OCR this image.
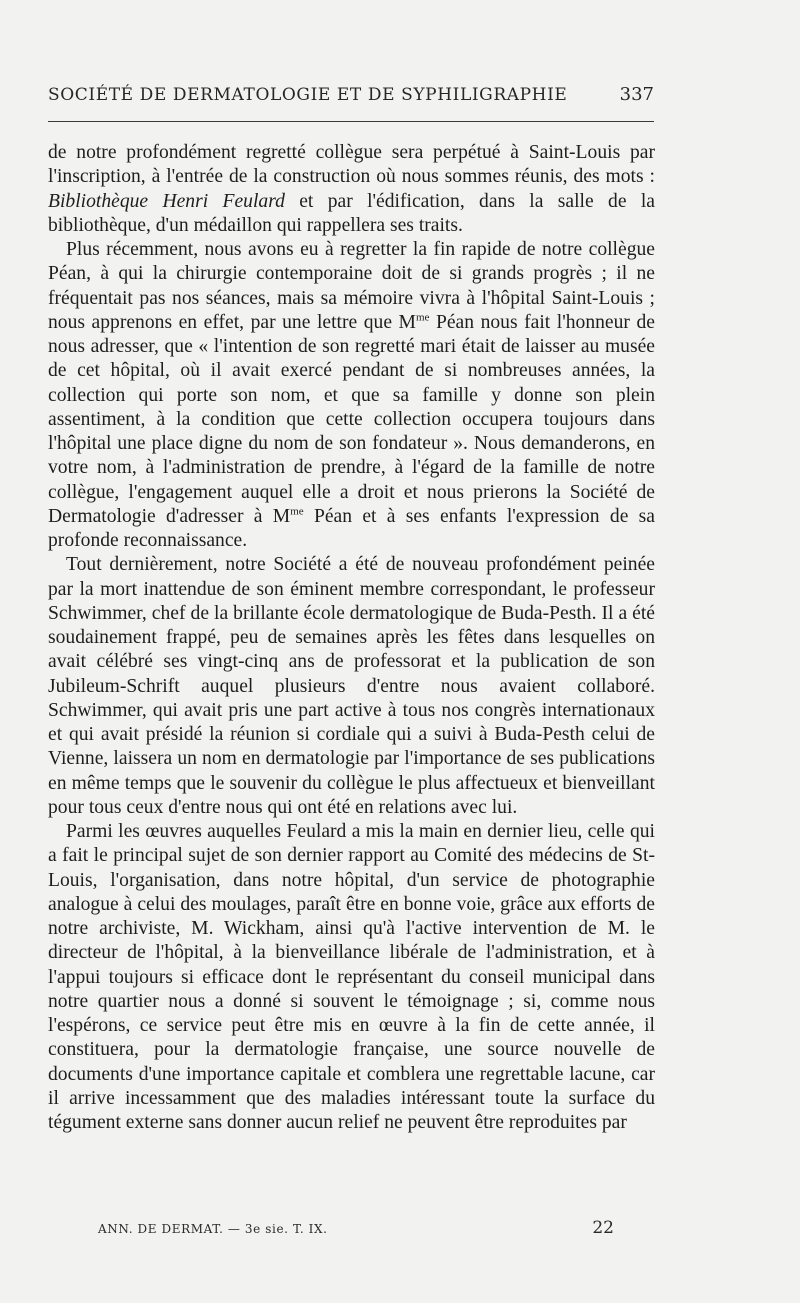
SOCIÉTÉ DE DERMATOLOGIE ET DE SYPHILIGRAPHIE	337

de notre profondément regretté collègue sera perpétué à Saint-Louis par l'inscription, à l'entrée de la construction où nous sommes réunis, des mots : Bibliothèque Henri Feulard et par l'édification, dans la salle de la bibliothèque, d'un médaillon qui rappellera ses traits.

Plus récemment, nous avons eu à regretter la fin rapide de notre collègue Péan, à qui la chirurgie contemporaine doit de si grands progrès ; il ne fréquentait pas nos séances, mais sa mémoire vivra à l'hôpital Saint-Louis ; nous apprenons en effet, par une lettre que $M^{me}$ Péan nous fait l'honneur de nous adresser, que « l'intention de son regretté mari était de laisser au musée de cet hôpital, où il avait exercé pendant de si nombreuses années, la collection qui porte son nom, et que sa famille y donne son plein assentiment, à la condition que cette collection occupera toujours dans l'hôpital une place digne du nom de son fondateur ». Nous demanderons, en votre nom, à l'administration de prendre, à l'égard de la famille de notre collègue, l'engagement auquel elle a droit et nous prierons la Société de Dermatologie d'adresser à $M^{me}$ Péan et à ses enfants l'expression de sa profonde reconnaissance.

Tout dernièrement, notre Société a été de nouveau profondément peinée par la mort inattendue de son éminent membre correspondant, le professeur Schwimmer, chef de la brillante école dermatologique de Buda-Pesth. Il a été soudainement frappé, peu de semaines après les fêtes dans lesquelles on avait célébré ses vingt-cinq ans de professorat et la publication de son Jubileum-Schrift auquel plusieurs d'entre nous avaient collaboré. Schwimmer, qui avait pris une part active à tous nos congrès internationaux et qui avait présidé la réunion si cordiale qui a suivi à Buda-Pesth celui de Vienne, laissera un nom en dermatologie par l'importance de ses publications en même temps que le souvenir du collègue le plus affectueux et bienveillant pour tous ceux d'entre nous qui ont été en relations avec lui.

Parmi les œuvres auquelles Feulard a mis la main en dernier lieu, celle qui a fait le principal sujet de son dernier rapport au Comité des médecins de St-Louis, l'organisation, dans notre hôpital, d'un service de photographie analogue à celui des moulages, paraît être en bonne voie, grâce aux efforts de notre archiviste, M. Wickham, ainsi qu'à l'active intervention de M. le directeur de l'hôpital, à la bienveillance libérale de l'administration, et à l'appui toujours si efficace dont le représentant du conseil municipal dans notre quartier nous a donné si souvent le témoignage ; si, comme nous l'espérons, ce service peut être mis en œuvre à la fin de cette année, il constituera, pour la dermatologie française, une source nouvelle de documents d'une importance capitale et comblera une regrettable lacune, car il arrive incessamment que des maladies intéressant toute la surface du tégument externe sans donner aucun relief ne peuvent être reproduites par

ANN. DE DERMAT. — 3e sie. T. IX.	22
